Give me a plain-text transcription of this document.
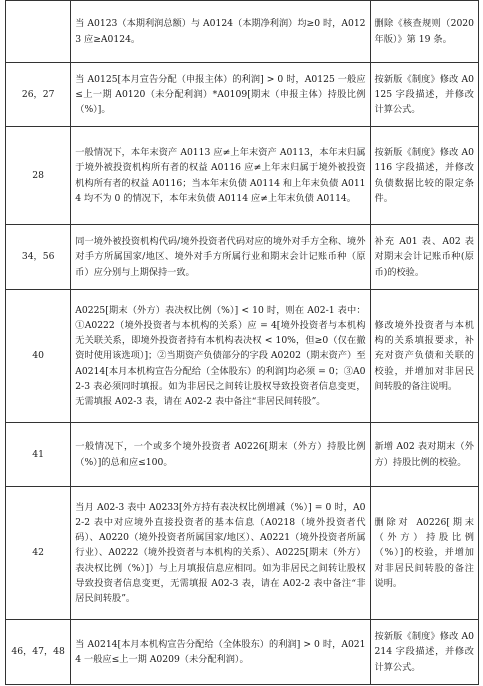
	当 A0123（本期利润总额）与 A0124（本期净利润）均≥0 时，A0123 应≥A0124。	删除《核查规则（2020 年版）》第 19 条。
26，27	当 A0125[本月宣告分配（申报主体）的利润] > 0 时，A0125 一般应≤上一期 A0120（未分配利润）*A0109[期末（申报主体）持股比例（%）]。	按新版《制度》修改 A0125 字段描述，并修改计算公式。
28	一般情况下，本年末资产 A0113 应≠上年末资产 A0113，本年末归属于境外被投资机构所有者的权益 A0116 应≠上年末归属于境外被投资机构所有者的权益 A0116；当本年末负债 A0114 和上年末负债 A0114 均不为 0 的情况下，本年末负债 A0114 应≠上年末负债 A0114。	按新版《制度》修改 A0116 字段描述，并修改负债数据比较的限定条件。
34，56	同一境外被投资机构代码/境外投资者代码对应的境外对手方全称、境外对手方所属国家/地区、境外对手方所属行业和期末会计记账币种（原币）应分别与上期保持一致。	补充 A01 表、A02 表对期末会计记账币种(原币)的校验。
40	A0225[期末（外方）表决权比例（%）] < 10 时，则在 A02-1 表中：①A0222（境外投资者与本机构的关系）应 = 4[境外投资者与本机构无关联关系，即境外投资者持有本机构表决权 < 10%，但≥0（仅在撤资时使用该选项）]；②当期资产负债部分的字段 A0202（期末资产）至 A0214[本月本机构宣告分配给（全体股东）的利润]均必须 = 0；③A02-3 表必须同时填报。如为非居民之间转让股权导致投资者信息变更，无需填报 A02-3 表，请在 A02-2 表中备注“非居民间转股”。	修改境外投资者与本机构的关系填报要求，补充对资产负债和关联的校验，并增加对非居民间转股的备注说明。
41	一般情况下，一个或多个境外投资者 A0226[期末（外方）持股比例（%）]的总和应≤100。	新增 A02 表对期末（外方）持股比例的校验。
42	当月 A02-3 表中 A0233[外方持有表决权比例增减（%）] = 0 时，A02-2 表中对应境外直接投资者的基本信息（A0218（境外投资者代码）、A0220（境外投资者所属国家/地区）、A0221（境外投资者所属行业）、A0222（境外投资者与本机构的关系）、A0225[期末（外方）表决权比例（%）]）与上月填报信息应相同。如为非居民之间转让股权导致投资者信息变更，无需填报 A02-3 表，请在 A02-2 表中备注“非居民间转股”。	删除对 A0226[期末（外方）持股比例（%）]的校验，并增加对非居民间转股的备注说明。
46，47，48	当 A0214[本月本机构宣告分配给（全体股东）的利润] > 0 时，A0214 一般应≤上一期 A0209（未分配利润）。	按新版《制度》修改 A0214 字段描述，并修改计算公式。
